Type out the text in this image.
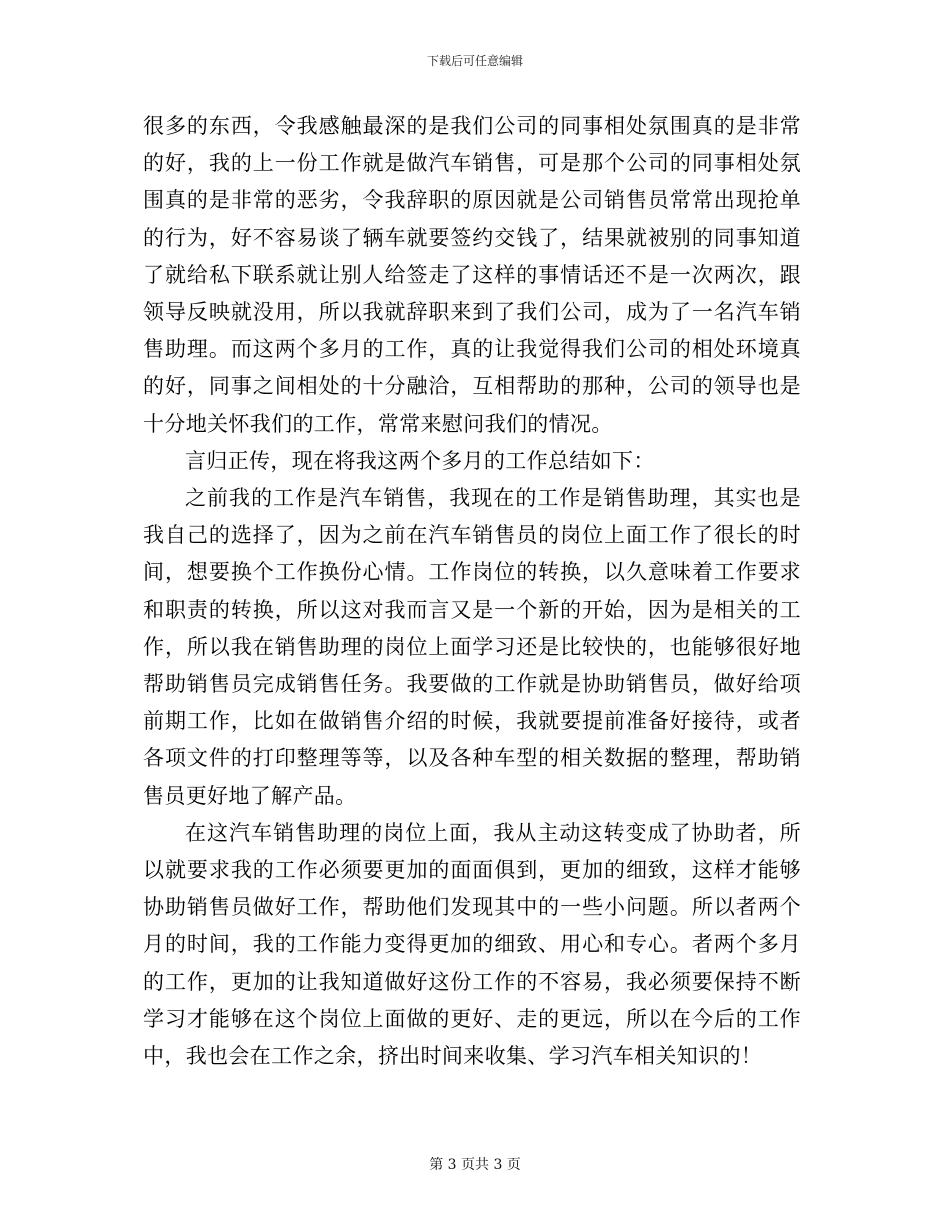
下载后可任意编辑

很多的东西，令我感触最深的是我们公司的同事相处氛围真的是非常的好，我的上一份工作就是做汽车销售，可是那个公司的同事相处氛围真的是非常的恶劣，令我辞职的原因就是公司销售员常常出现抢单的行为，好不容易谈了辆车就要签约交钱了，结果就被别的同事知道了就给私下联系就让别人给签走了这样的事情话还不是一次两次，跟领导反映就没用，所以我就辞职来到了我们公司，成为了一名汽车销售助理。而这两个多月的工作，真的让我觉得我们公司的相处环境真的好，同事之间相处的十分融洽，互相帮助的那种，公司的领导也是十分地关怀我们的工作，常常来慰问我们的情况。

言归正传，现在将我这两个多月的工作总结如下：

之前我的工作是汽车销售，我现在的工作是销售助理，其实也是我自己的选择了，因为之前在汽车销售员的岗位上面工作了很长的时间，想要换个工作换份心情。工作岗位的转换，以久意味着工作要求和职责的转换，所以这对我而言又是一个新的开始，因为是相关的工作，所以我在销售助理的岗位上面学习还是比较快的，也能够很好地帮助销售员完成销售任务。我要做的工作就是协助销售员，做好给项前期工作，比如在做销售介绍的时候，我就要提前准备好接待，或者各项文件的打印整理等等，以及各种车型的相关数据的整理，帮助销售员更好地了解产品。

在这汽车销售助理的岗位上面，我从主动这转变成了协助者，所以就要求我的工作必须要更加的面面俱到，更加的细致，这样才能够协助销售员做好工作，帮助他们发现其中的一些小问题。所以者两个月的时间，我的工作能力变得更加的细致、用心和专心。者两个多月的工作，更加的让我知道做好这份工作的不容易，我必须要保持不断学习才能够在这个岗位上面做的更好、走的更远，所以在今后的工作中，我也会在工作之余，挤出时间来收集、学习汽车相关知识的！

第 3 页共 3 页
